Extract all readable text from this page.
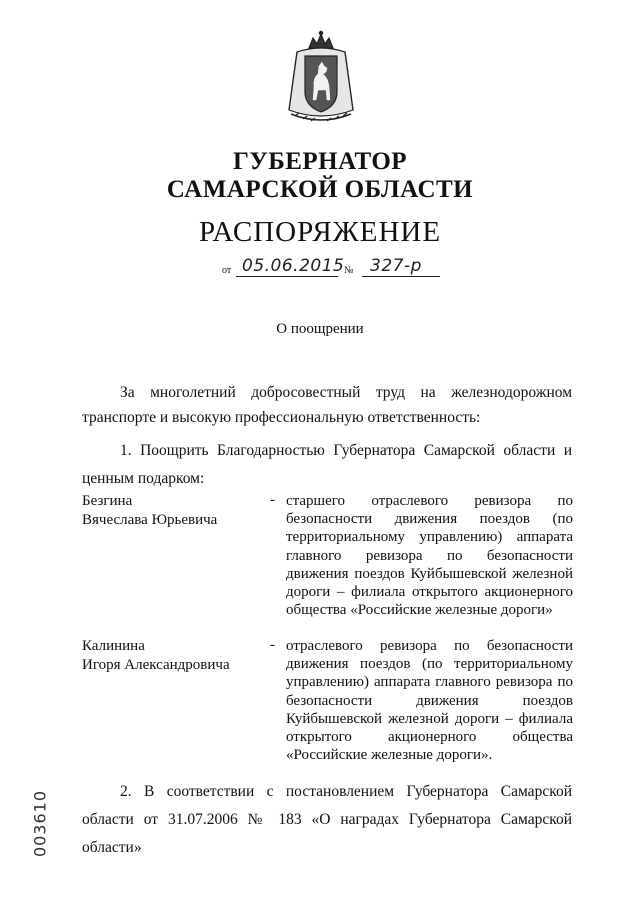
ГУБЕРНАТОР
САМАРСКОЙ ОБЛАСТИ
РАСПОРЯЖЕНИЕ
от 05.06.2015 № 327-р
О поощрении
За многолетний добросовестный труд на железнодорожном транспорте и высокую профессиональную ответственность:
1. Поощрить Благодарностью Губернатора Самарской области и ценным подарком:
Безгина
Вячеслава Юрьевича
- старшего отраслевого ревизора по безопасности движения поездов (по территориальному управлению) аппарата главного ревизора по безопасности движения поездов Куйбышевской железной дороги – филиала открытого акционерного общества «Российские железные дороги»
Калинина
Игоря Александровича
- отраслевого ревизора по безопасности движения поездов (по территориальному управлению) аппарата главного ревизора по безопасности движения поездов Куйбышевской железной дороги – филиала открытого акционерного общества «Российские железные дороги».
2. В соответствии с постановлением Губернатора Самарской области от 31.07.2006 № 183 «О наградах Губернатора Самарской области»
003610
